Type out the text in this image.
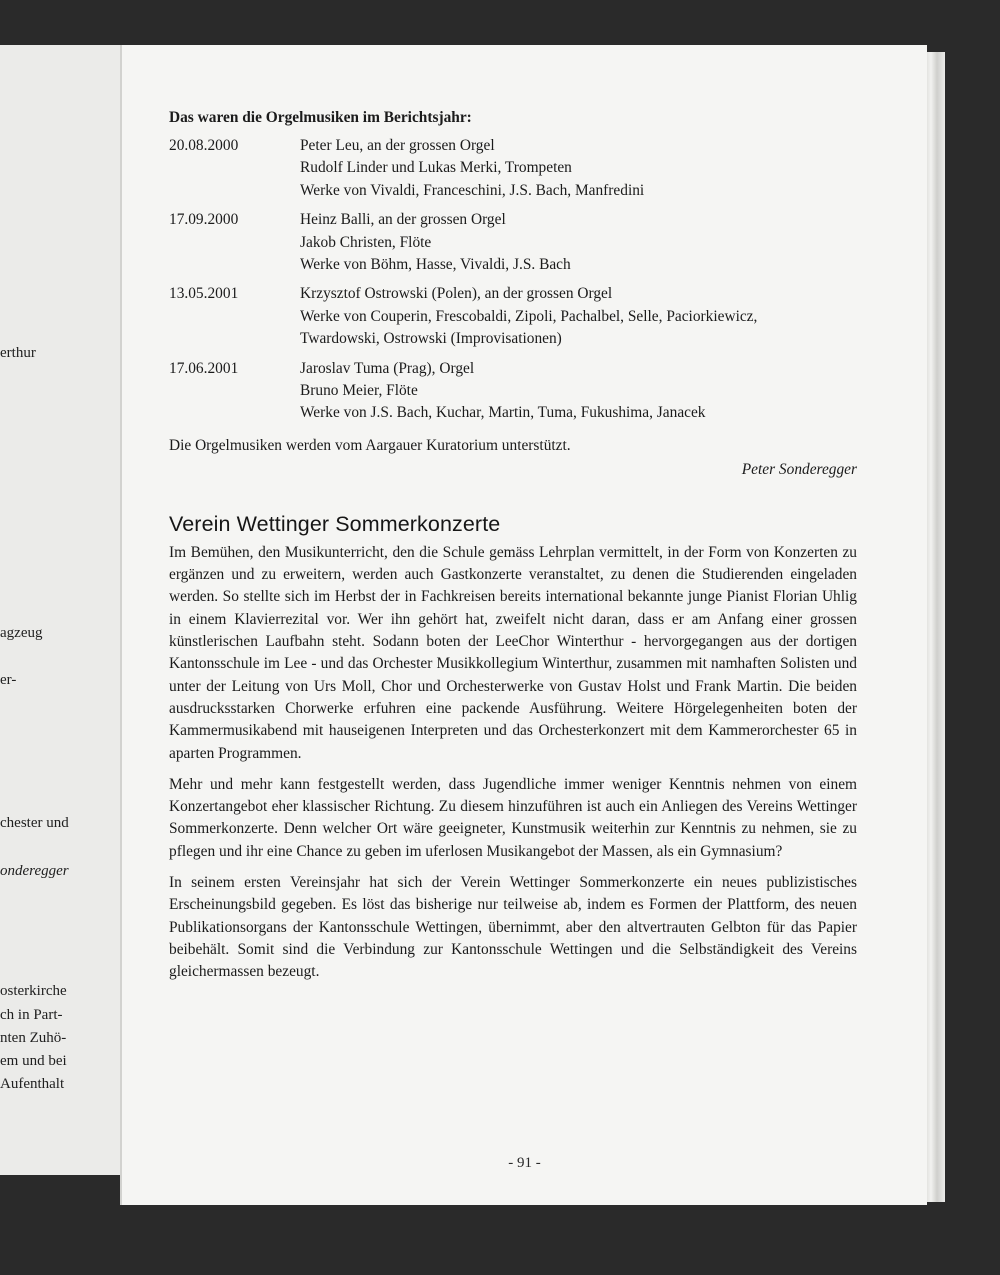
erthur
agzeug
er-
chester und
onderegger
osterkirche
ch in Part-
nten Zuhö-
em und bei
Aufenthalt
Das waren die Orgelmusiken im Berichtsjahr:
20.08.2000	Peter Leu, an der grossen Orgel
Rudolf Linder und Lukas Merki, Trompeten
Werke von Vivaldi, Franceschini, J.S. Bach, Manfredini
17.09.2000	Heinz Balli, an der grossen Orgel
Jakob Christen, Flöte
Werke von Böhm, Hasse, Vivaldi, J.S. Bach
13.05.2001	Krzysztof Ostrowski (Polen), an der grossen Orgel
Werke von Couperin, Frescobaldi, Zipoli, Pachalbel, Selle, Paciorkiewicz,
Twardowski, Ostrowski (Improvisationen)
17.06.2001	Jaroslav Tuma (Prag), Orgel
Bruno Meier, Flöte
Werke von J.S. Bach, Kuchar, Martin, Tuma, Fukushima, Janacek
Die Orgelmusiken werden vom Aargauer Kuratorium unterstützt.
Peter Sonderegger
Verein Wettinger Sommerkonzerte

Im Bemühen, den Musikunterricht, den die Schule gemäss Lehrplan vermittelt, in der Form von Konzerten zu ergänzen und zu erweitern, werden auch Gastkonzerte veranstaltet, zu denen die Studierenden eingeladen werden. So stellte sich im Herbst der in Fachkreisen bereits international bekannte junge Pianist Florian Uhlig in einem Klavierrezital vor. Wer ihn gehört hat, zweifelt nicht daran, dass er am Anfang einer grossen künstlerischen Laufbahn steht. Sodann boten der LeeChor Winterthur - hervorgegangen aus der dortigen Kantonsschule im Lee - und das Orchester Musikkollegium Winterthur, zusammen mit namhaften Solisten und unter der Leitung von Urs Moll, Chor und Orchesterwerke von Gustav Holst und Frank Martin. Die beiden ausdrucksstarken Chorwerke erfuhren eine packende Ausführung. Weitere Hörgelegenheiten boten der Kammermusikabend mit hauseigenen Interpreten und das Orchesterkonzert mit dem Kammerorchester 65 in aparten Programmen.

Mehr und mehr kann festgestellt werden, dass Jugendliche immer weniger Kenntnis nehmen von einem Konzertangebot eher klassischer Richtung. Zu diesem hinzuführen ist auch ein Anliegen des Vereins Wettinger Sommerkonzerte. Denn welcher Ort wäre geeigneter, Kunstmusik weiterhin zur Kenntnis zu nehmen, sie zu pflegen und ihr eine Chance zu geben im uferlosen Musikangebot der Massen, als ein Gymnasium?

In seinem ersten Vereinsjahr hat sich der Verein Wettinger Sommerkonzerte ein neues publizistisches Erscheinungsbild gegeben. Es löst das bisherige nur teilweise ab, indem es Formen der Plattform, des neuen Publikationsorgans der Kantonsschule Wettingen, übernimmt, aber den altvertrauten Gelbton für das Papier beibehält. Somit sind die Verbindung zur Kantonsschule Wettingen und die Selbständigkeit des Vereins gleichermassen bezeugt.

- 91 -
